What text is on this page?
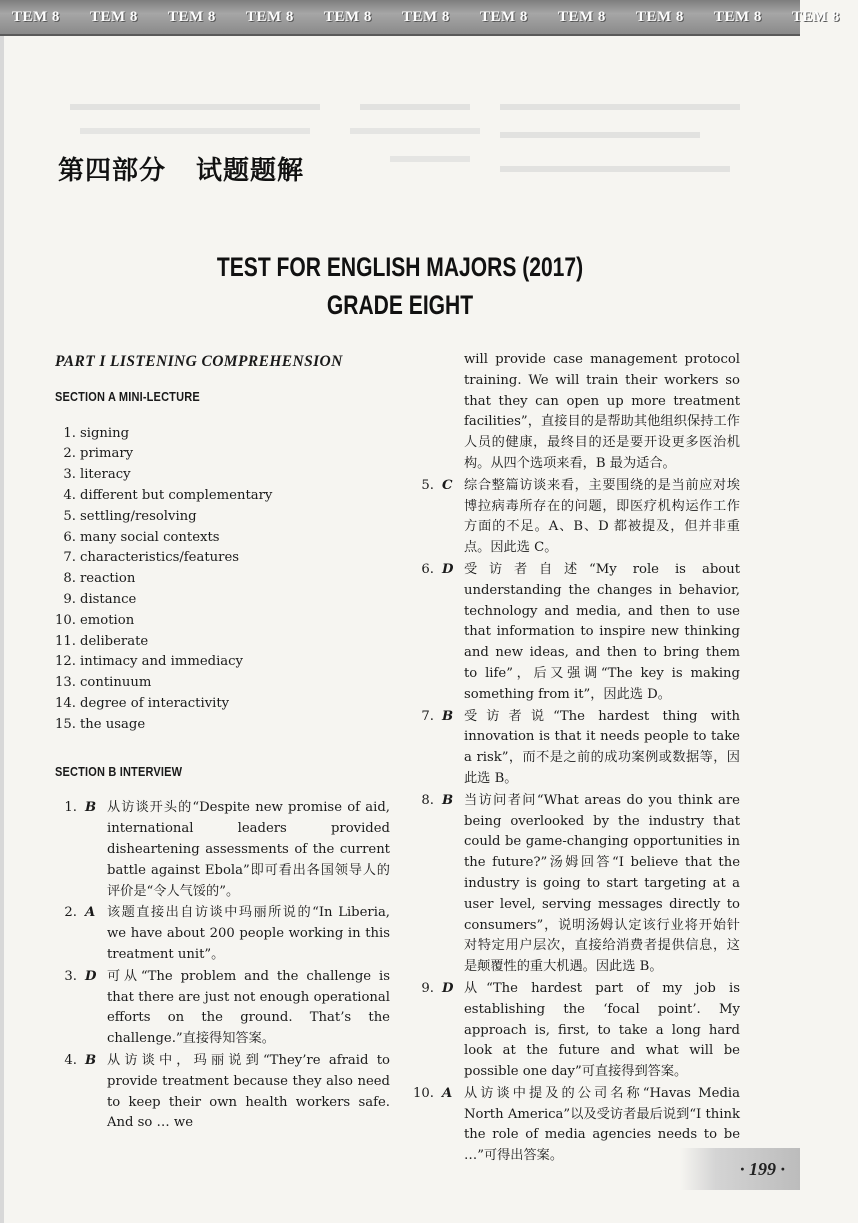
TEM 8	TEM 8	TEM 8	TEM 8	TEM 8	TEM 8	TEM 8	TEM 8	TEM 8	TEM 8	TEM 8
第四部分 试题题解
TEST FOR ENGLISH MAJORS (2017)
GRADE EIGHT
PART I LISTENING COMPREHENSION
SECTION A MINI-LECTURE
1. signing
2. primary
3. literacy
4. different but complementary
5. settling/resolving
6. many social contexts
7. characteristics/features
8. reaction
9. distance
10. emotion
11. deliberate
12. intimacy and immediacy
13. continuum
14. degree of interactivity
15. the usage
SECTION B INTERVIEW
1. B 从访谈开头的“Despite new promise of aid, international leaders provided disheartening assessments of the current battle against Ebola”即可看出各国领导人的评价是“令人气馁的”。
2. A 该题直接出自访谈中玛丽所说的“In Liberia, we have about 200 people working in this treatment unit”。
3. D 可从“The problem and the challenge is that there are just not enough operational efforts on the ground. That’s the challenge.”直接得知答案。
4. B 从访谈中，玛丽说到“They’re afraid to provide treatment because they also need to keep their own health workers safe. And so … we
will provide case management protocol training. We will train their workers so that they can open up more treatment facilities”，直接目的是帮助其他组织保持工作人员的健康，最终目的还是要开设更多医治机构。从四个选项来看，B 最为适合。
5. C 综合整篇访谈来看，主要围绕的是当前应对埃博拉病毒所存在的问题，即医疗机构运作工作方面的不足。A、B、D 都被提及，但并非重点。因此选 C。
6. D 受访者自述“My role is about understanding the changes in behavior, technology and media, and then to use that information to inspire new thinking and new ideas, and then to bring them to life”，后又强调“The key is making something from it”，因此选 D。
7. B 受访者说“The hardest thing with innovation is that it needs people to take a risk”，而不是之前的成功案例或数据等，因此选 B。
8. B 当访问者问“What areas do you think are being overlooked by the industry that could be game-changing opportunities in the future?”汤姆回答“I believe that the industry is going to start targeting at a user level, serving messages directly to consumers”，说明汤姆认定该行业将开始针对特定用户层次，直接给消费者提供信息，这是颠覆性的重大机遇。因此选 B。
9. D 从“The hardest part of my job is establishing the ‘focal point’. My approach is, first, to take a long hard look at the future and what will be possible one day”可直接得到答案。
10. A 从访谈中提及的公司名称“Havas Media North America”以及受访者最后说到“I think the role of media agencies needs to be …”可得出答案。
· 199 ·
